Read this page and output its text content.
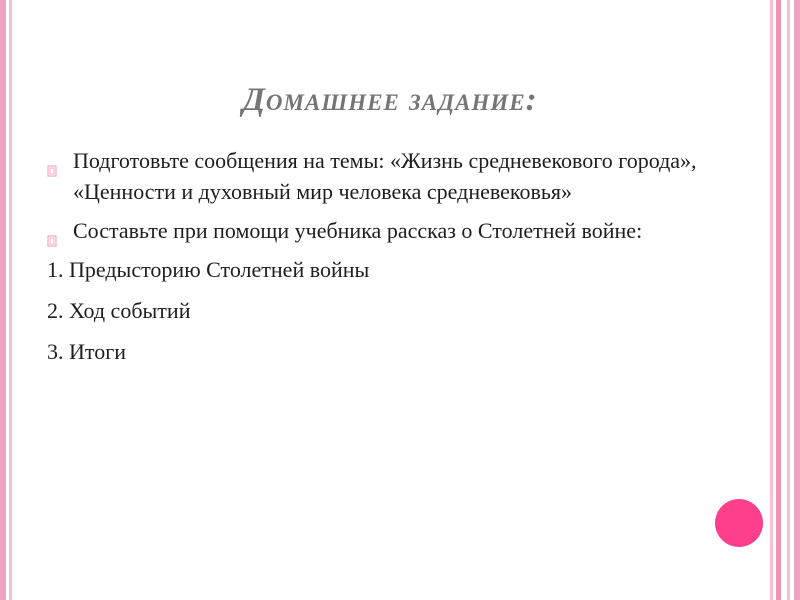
Домашнее задание:
Подготовьте сообщения на темы: «Жизнь средневекового города», «Ценности и духовный мир человека средневековья»
Составьте при помощи учебника рассказ о Столетней войне:
1. Предысторию Столетней войны
2. Ход событий
3. Итоги
